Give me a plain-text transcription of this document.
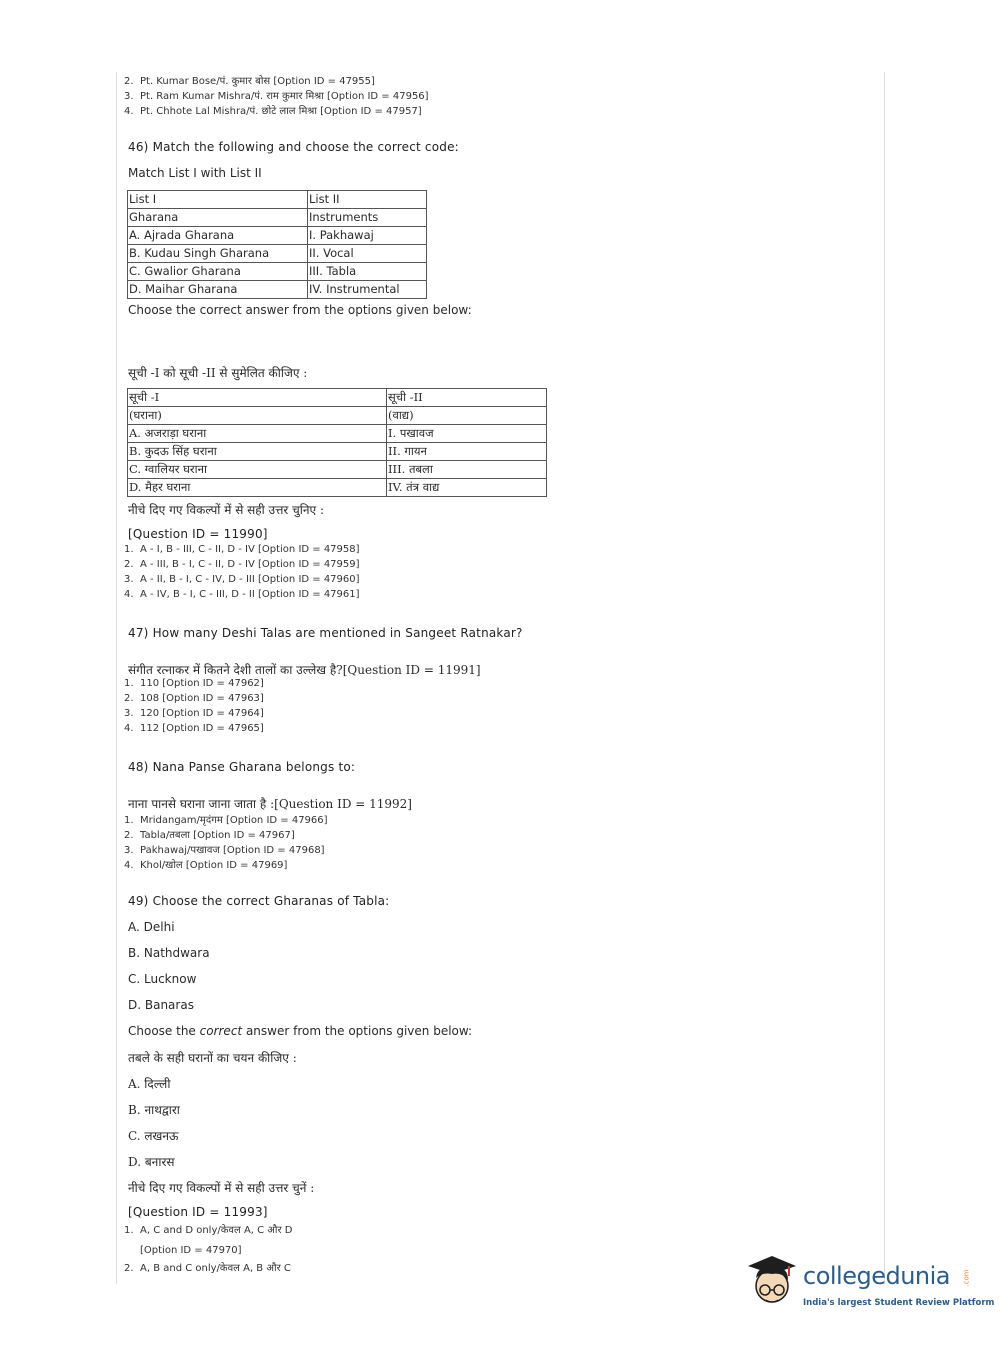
2. Pt. Kumar Bose/पं. कुमार बोस [Option ID = 47955]
3. Pt. Ram Kumar Mishra/पं. राम कुमार मिश्रा [Option ID = 47956]
4. Pt. Chhote Lal Mishra/पं. छोटे लाल मिश्रा [Option ID = 47957]
46) Match the following and choose the correct code:
Match List I with List II
List I	List II
Gharana	Instruments
A. Ajrada Gharana	I. Pakhawaj
B. Kudau Singh Gharana	II. Vocal
C. Gwalior Gharana	III. Tabla
D. Maihar Gharana	IV. Instrumental
Choose the correct answer from the options given below:
सूची -I को सूची -II से सुमेलित कीजिए :
सूची -I	सूची -II
(घराना)	(वाद्य)
A. अजराड़ा घराना	I. पखावज
B. कुदऊ सिंह घराना	II. गायन
C. ग्वालियर घराना	III. तबला
D. मैहर घराना	IV. तंत्र वाद्य
नीचे दिए गए विकल्पों में से सही उत्तर चुनिए :
[Question ID = 11990]
1. A - I, B - III, C - II, D - IV [Option ID = 47958]
2. A - III, B - I, C - II, D - IV [Option ID = 47959]
3. A - II, B - I, C - IV, D - III [Option ID = 47960]
4. A - IV, B - I, C - III, D - II [Option ID = 47961]
47) How many Deshi Talas are mentioned in Sangeet Ratnakar?
संगीत रत्नाकर में कितने देशी तालों का उल्लेख है?[Question ID = 11991]
1. 110 [Option ID = 47962]
2. 108 [Option ID = 47963]
3. 120 [Option ID = 47964]
4. 112 [Option ID = 47965]
48) Nana Panse Gharana belongs to:
नाना पानसे घराना जाना जाता है :[Question ID = 11992]
1. Mridangam/मृदंगम [Option ID = 47966]
2. Tabla/तबला [Option ID = 47967]
3. Pakhawaj/पखावज [Option ID = 47968]
4. Khol/खोल [Option ID = 47969]
49) Choose the correct Gharanas of Tabla:
A. Delhi
B. Nathdwara
C. Lucknow
D. Banaras
Choose the correct answer from the options given below:
तबले के सही घरानों का चयन कीजिए :
A. दिल्ली
B. नाथद्वारा
C. लखनऊ
D. बनारस
नीचे दिए गए विकल्पों में से सही उत्तर चुनें :
[Question ID = 11993]
1. A, C and D only/केवल A, C और D
[Option ID = 47970]
2. A, B and C only/केवल A, B और C	collegedunia .com
India's largest Student Review Platform
